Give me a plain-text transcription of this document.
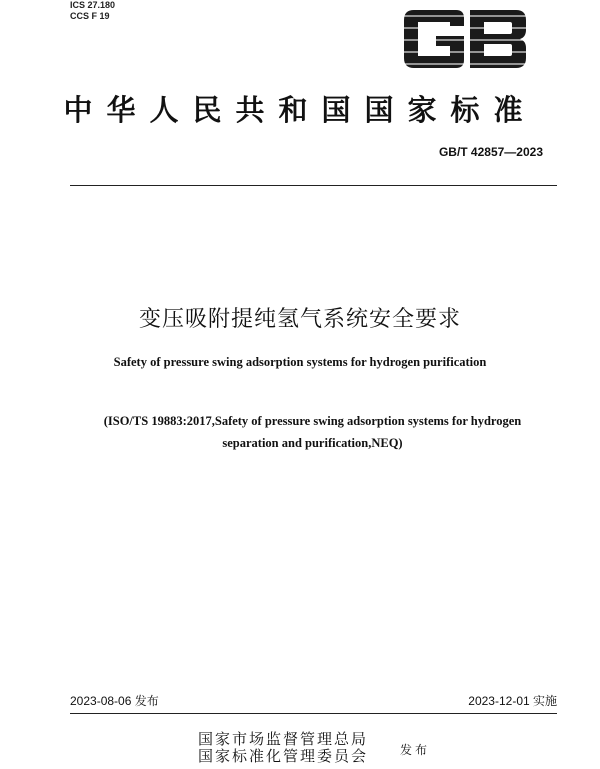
ICS 27.180
CCS F 19
中华人民共和国国家标准
GB/T 42857—2023
变压吸附提纯氢气系统安全要求
Safety of pressure swing adsorption systems for hydrogen purification
(ISO/TS 19883:2017,Safety of pressure swing adsorption systems for hydrogen
separation and purification,NEQ)
2023-08-06 发布	2023-12-01 实施
国家市场监督管理总局
国家标准化管理委员会	发布
